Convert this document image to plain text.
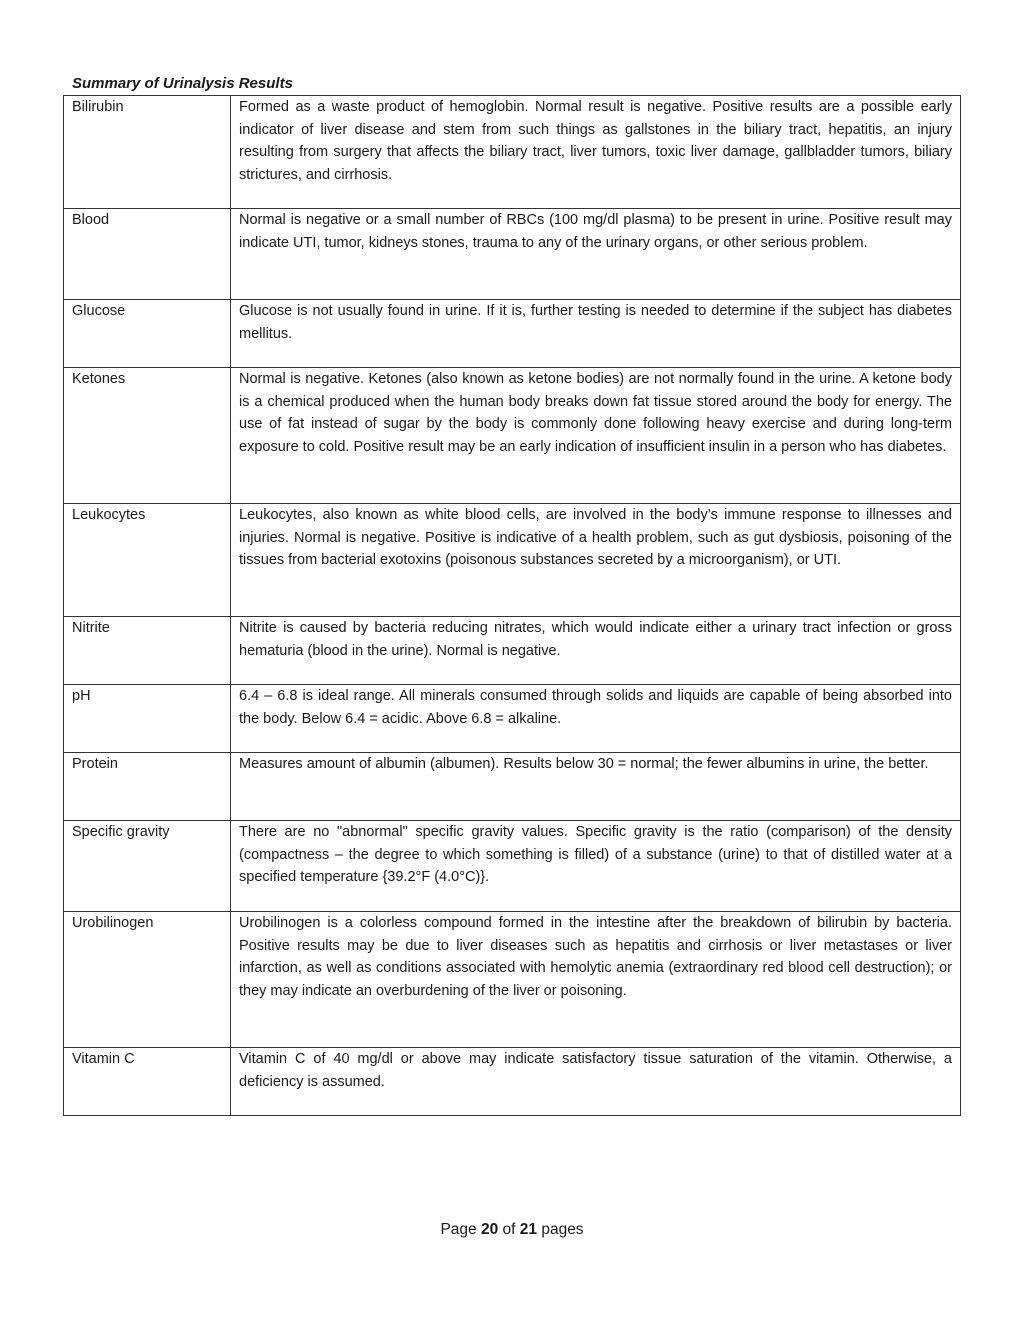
Summary of Urinalysis Results
Bilirubin	Formed as a waste product of hemoglobin. Normal result is negative. Positive results are a possible early indicator of liver disease and stem from such things as gallstones in the biliary tract, hepatitis, an injury resulting from surgery that affects the biliary tract, liver tumors, toxic liver damage, gallbladder tumors, biliary strictures, and cirrhosis.
Blood	Normal is negative or a small number of RBCs (100 mg/dl plasma) to be present in urine. Positive result may indicate UTI, tumor, kidneys stones, trauma to any of the urinary organs, or other serious problem.
Glucose	Glucose is not usually found in urine. If it is, further testing is needed to determine if the subject has diabetes mellitus.
Ketones	Normal is negative. Ketones (also known as ketone bodies) are not normally found in the urine. A ketone body is a chemical produced when the human body breaks down fat tissue stored around the body for energy. The use of fat instead of sugar by the body is commonly done following heavy exercise and during long-term exposure to cold. Positive result may be an early indication of insufficient insulin in a person who has diabetes.
Leukocytes	Leukocytes, also known as white blood cells, are involved in the body’s immune response to illnesses and injuries. Normal is negative. Positive is indicative of a health problem, such as gut dysbiosis, poisoning of the tissues from bacterial exotoxins (poisonous substances secreted by a microorganism), or UTI.
Nitrite	Nitrite is caused by bacteria reducing nitrates, which would indicate either a urinary tract infection or gross hematuria (blood in the urine). Normal is negative.
pH	6.4 – 6.8 is ideal range. All minerals consumed through solids and liquids are capable of being absorbed into the body. Below 6.4 = acidic. Above 6.8 = alkaline.
Protein	Measures amount of albumin (albumen). Results below 30 = normal; the fewer albumins in urine, the better.
Specific gravity	There are no "abnormal" specific gravity values. Specific gravity is the ratio (comparison) of the density (compactness – the degree to which something is filled) of a substance (urine) to that of distilled water at a specified temperature {39.2°F (4.0°C)}.
Urobilinogen	Urobilinogen is a colorless compound formed in the intestine after the breakdown of bilirubin by bacteria. Positive results may be due to liver diseases such as hepatitis and cirrhosis or liver metastases or liver infarction, as well as conditions associated with hemolytic anemia (extraordinary red blood cell destruction); or they may indicate an overburdening of the liver or poisoning.
Vitamin C	Vitamin C of 40 mg/dl or above may indicate satisfactory tissue saturation of the vitamin. Otherwise, a deficiency is assumed.
Page 20 of 21 pages
